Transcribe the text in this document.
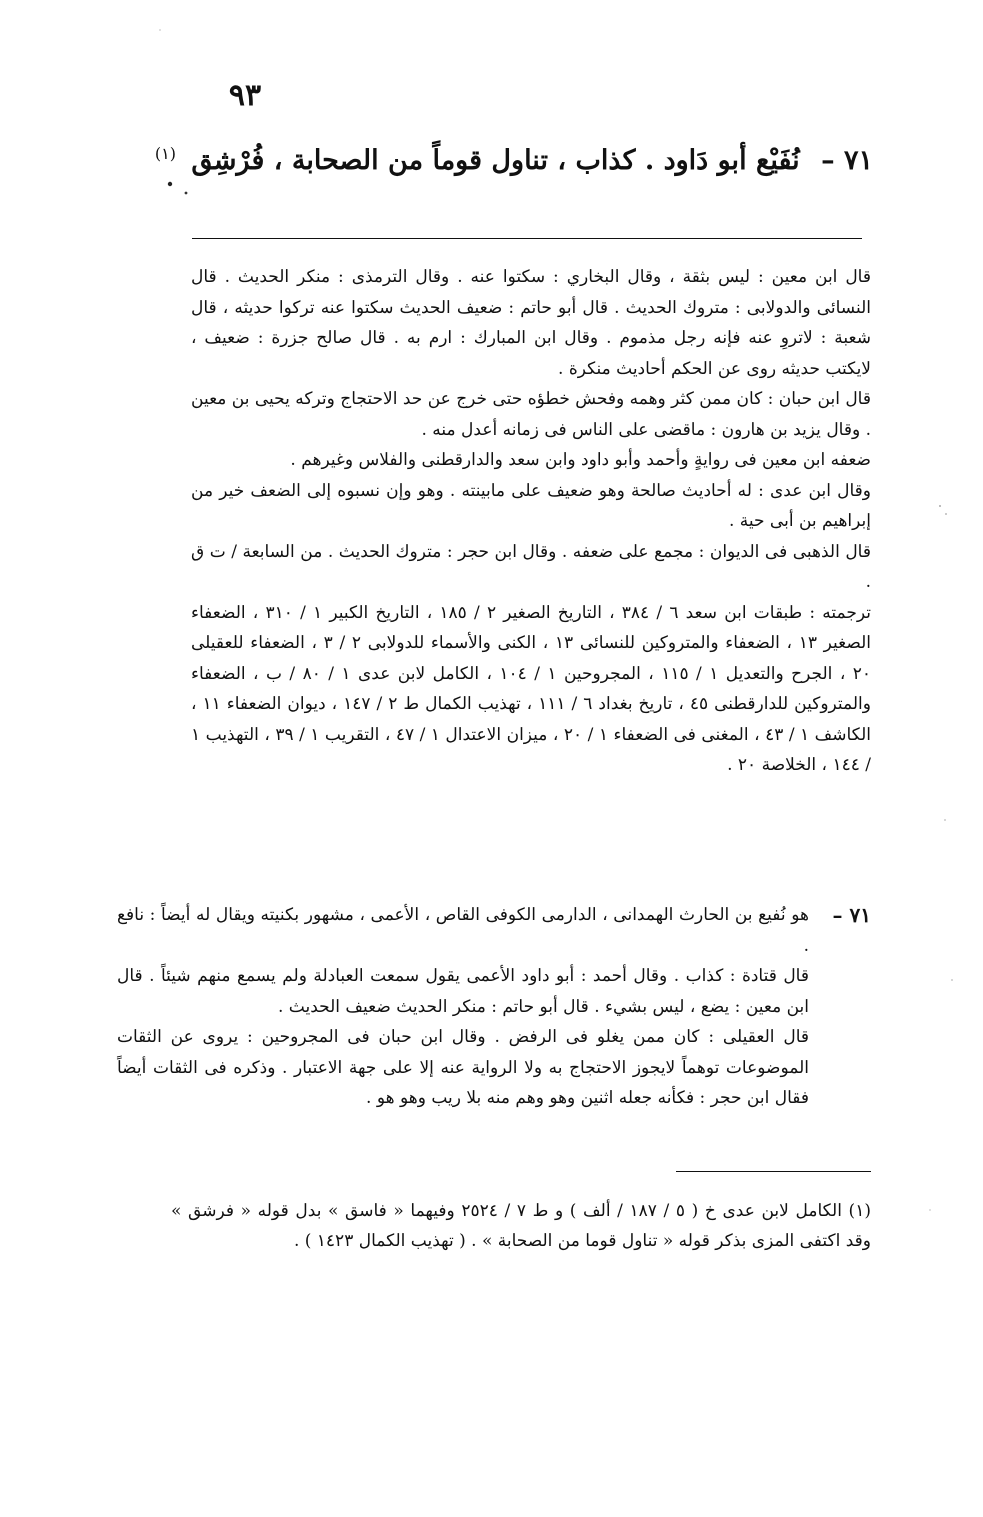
٩٣
٧١ – نُفَيْع أبو دَاود . كذاب ، تناول قوماً من الصحابة ، فُرْشِق $^{(١)}$

قال ابن معين : ليس بثقة ، وقال البخاري : سكتوا عنه . وقال الترمذى : منكر الحديث . قال النسائى والدولابى : متروك الحديث . قال أبو حاتم : ضعيف الحديث سكتوا عنه تركوا حديثه ، قال شعبة : لاتروِ عنه فإنه رجل مذموم . وقال ابن المبارك : ارم به . قال صالح جزرة : ضعيف ، لايكتب حديثه روى عن الحكم أحاديث منكرة .

قال ابن حبان : كان ممن كثر وهمه وفحش خطؤه حتى خرج عن حد الاحتجاج وتركه يحيى بن معين . وقال يزيد بن هارون : ماقضى على الناس فى زمانه أعدل منه .

ضعفه ابن معين فى روايةٍ وأحمد وأبو داود وابن سعد والدارقطنى والفلاس وغيرهم .

وقال ابن عدى : له أحاديث صالحة وهو ضعيف على مابينته . وهو وإن نسبوه إلى الضعف خير من إبراهيم بن أبى حية .

قال الذهبى فى الديوان : مجمع على ضعفه . وقال ابن حجر : متروك الحديث . من السابعة / ت ق .

ترجمته : طبقات ابن سعد ٦ / ٣٨٤ ، التاريخ الصغير ٢ / ١٨٥ ، التاريخ الكبير ١ / ٣١٠ ، الضعفاء الصغير ١٣ ، الضعفاء والمتروكين للنسائى ١٣ ، الكنى والأسماء للدولابى ٢ / ٣ ، الضعفاء للعقيلى ٢٠ ، الجرح والتعديل ١ / ١١٥ ، المجروحين ١ / ١٠٤ ، الكامل لابن عدى ١ / ٨٠ / ب ، الضعفاء والمتروكين للدارقطنى ٤٥ ، تاريخ بغداد ٦ / ١١١ ، تهذيب الكمال ط ٢ / ١٤٧ ، ديوان الضعفاء ١١ ، الكاشف ١ / ٤٣ ، المغنى فى الضعفاء ١ / ٢٠ ، ميزان الاعتدال ١ / ٤٧ ، التقريب ١ / ٣٩ ، التهذيب ١ / ١٤٤ ، الخلاصة ٢٠ .

٧١ –

هو نُفيع بن الحارث الهمدانى ، الدارمى الكوفى القاص ، الأعمى ، مشهور بكنيته ويقال له أيضاً : نافع .

قال قتادة : كذاب . وقال أحمد : أبو داود الأعمى يقول سمعت العبادلة ولم يسمع منهم شيئاً . قال ابن معين : يضع ، ليس بشيء . قال أبو حاتم : منكر الحديث ضعيف الحديث .

قال العقيلى : كان ممن يغلو فى الرفض . وقال ابن حبان فى المجروحين : يروى عن الثقات الموضوعات توهماً لايجوز الاحتجاج به ولا الرواية عنه إلا على جهة الاعتبار . وذكره فى الثقات أيضاً فقال ابن حجر : فكأنه جعله اثنين وهو وهم منه بلا ريب وهو هو .

(١) الكامل لابن عدى خ ( ٥ / ١٨٧ / ألف ) و ط ٧ / ٢٥٢٤ وفيهما « فاسق » بدل قوله « فرشق » وقد اكتفى المزى بذكر قوله « تناول قوما من الصحابة » . ( تهذيب الكمال ١٤٢٣ ) .
